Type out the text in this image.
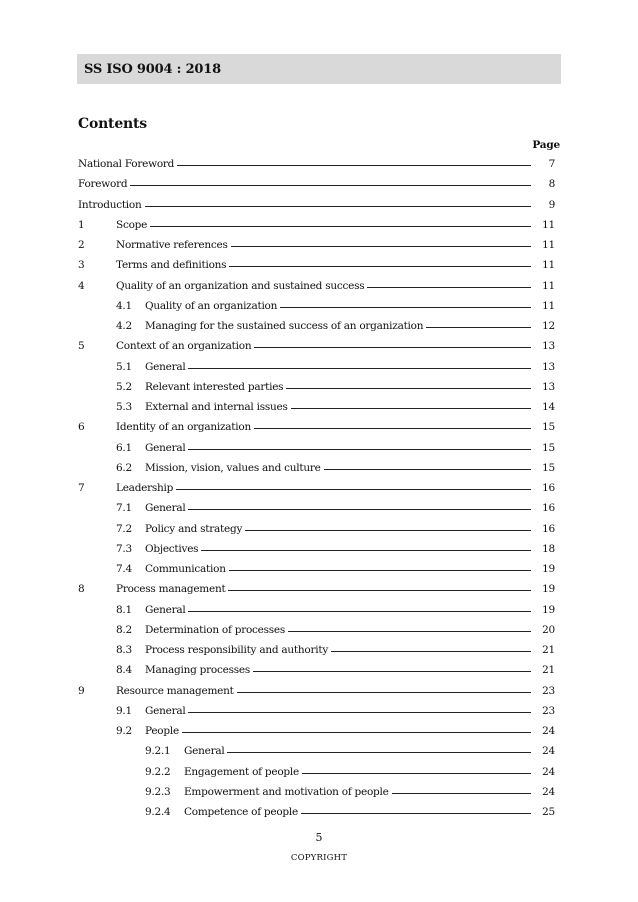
SS ISO 9004 : 2018
Contents
Page
National Foreword	7
Foreword	8
Introduction	9
1	Scope	11
2	Normative references	11
3	Terms and definitions	11
4	Quality of an organization and sustained success	11
4.1 Quality of an organization	11
4.2 Managing for the sustained success of an organization	12
5	Context of an organization	13
5.1 General	13
5.2 Relevant interested parties	13
5.3 External and internal issues	14
6	Identity of an organization	15
6.1 General	15
6.2 Mission, vision, values and culture	15
7	Leadership	16
7.1 General	16
7.2 Policy and strategy	16
7.3 Objectives	18
7.4 Communication	19
8	Process management	19
8.1 General	19
8.2 Determination of processes	20
8.3 Process responsibility and authority	21
8.4 Managing processes	21
9	Resource management	23
9.1 General	23
9.2 People	24
9.2.1 General	24
9.2.2 Engagement of people	24
9.2.3 Empowerment and motivation of people	24
9.2.4 Competence of people	25
5
COPYRIGHT
